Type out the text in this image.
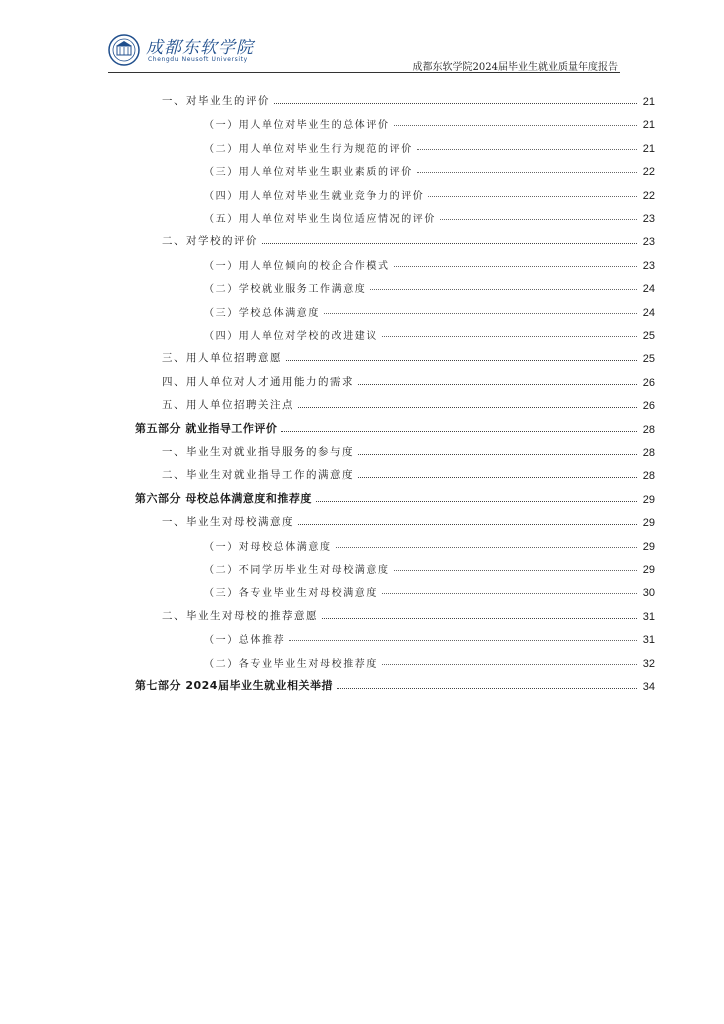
成都东软学院
Chengdu Neusoft University
成都东软学院2024届毕业生就业质量年度报告
一、对毕业生的评价	21
（一）用人单位对毕业生的总体评价	21
（二）用人单位对毕业生行为规范的评价	21
（三）用人单位对毕业生职业素质的评价	22
（四）用人单位对毕业生就业竞争力的评价	22
（五）用人单位对毕业生岗位适应情况的评价	23
二、对学校的评价	23
（一）用人单位倾向的校企合作模式	23
（二）学校就业服务工作满意度	24
（三）学校总体满意度	24
（四）用人单位对学校的改进建议	25
三、用人单位招聘意愿	25
四、用人单位对人才通用能力的需求	26
五、用人单位招聘关注点	26
第五部分 就业指导工作评价	28
一、毕业生对就业指导服务的参与度	28
二、毕业生对就业指导工作的满意度	28
第六部分 母校总体满意度和推荐度	29
一、毕业生对母校满意度	29
（一）对母校总体满意度	29
（二）不同学历毕业生对母校满意度	29
（三）各专业毕业生对母校满意度	30
二、毕业生对母校的推荐意愿	31
（一）总体推荐	31
（二）各专业毕业生对母校推荐度	32
第七部分 2024届毕业生就业相关举措	34
